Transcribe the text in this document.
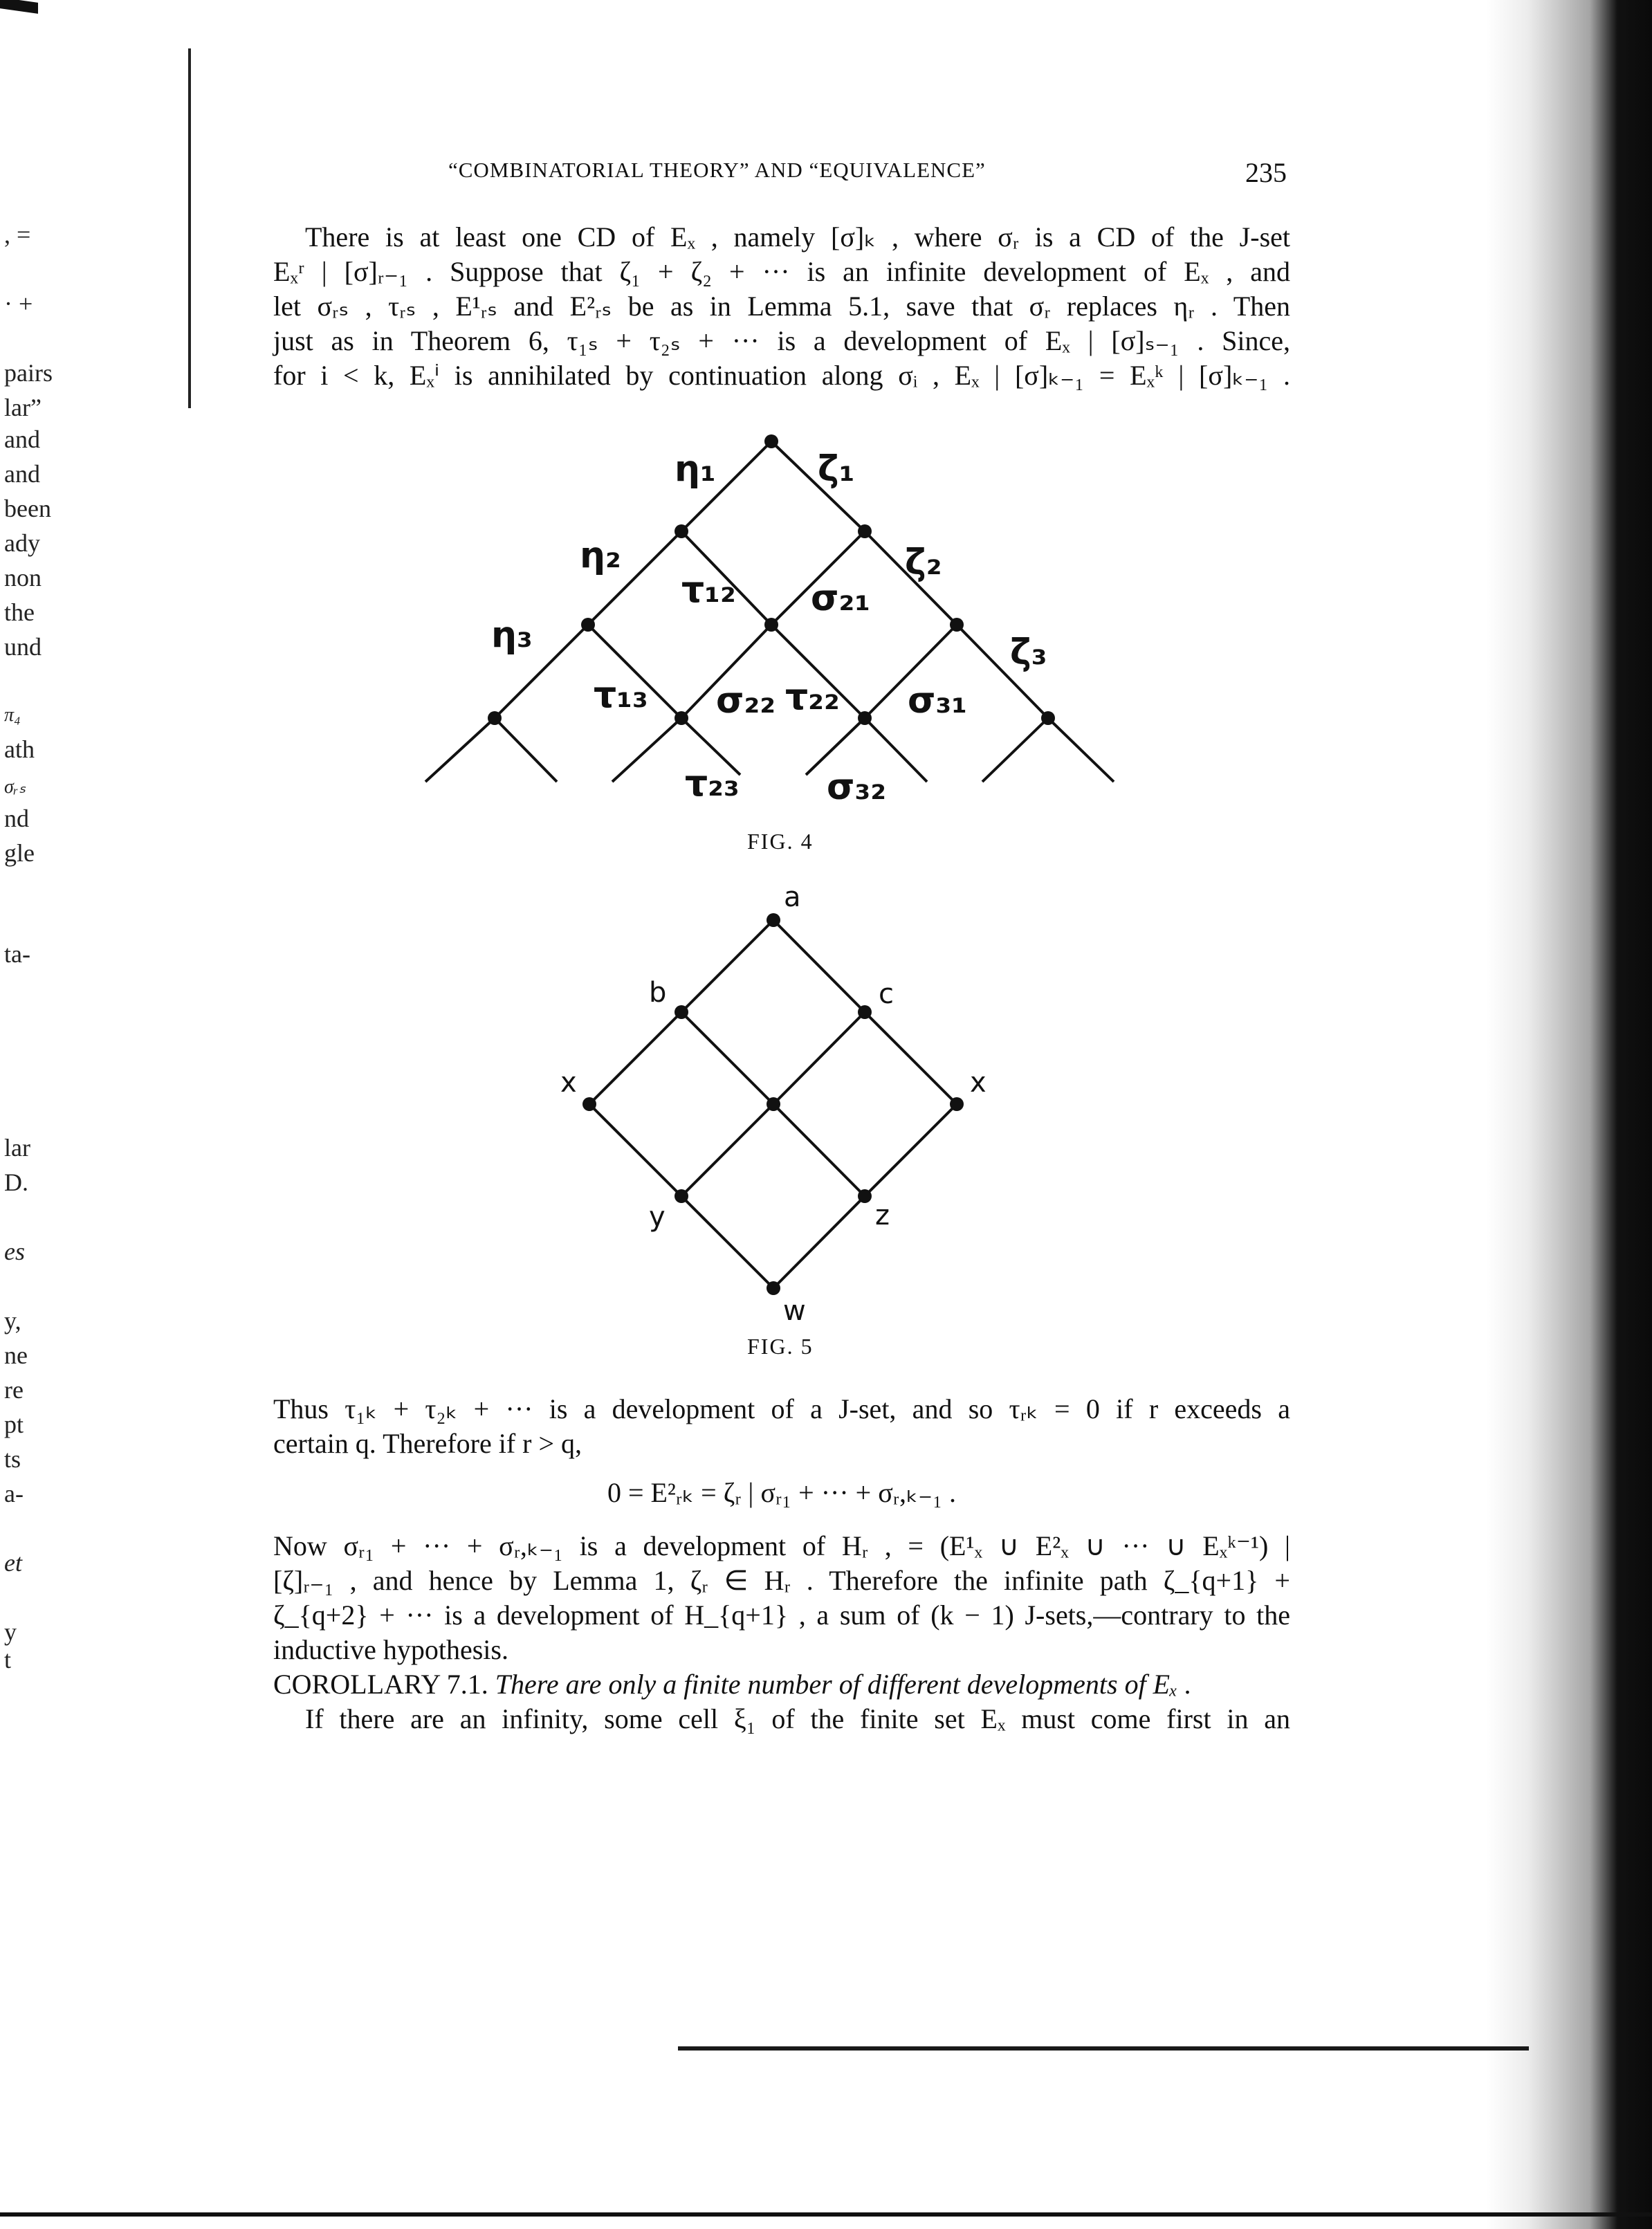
, =
· +
pairs
lar”
and
and
been
ady
non
the
und
π₄
ath
σᵣₛ
nd
gle
ta-
lar
D.
es
y,
ne
re
pt
ts
a-
et
y
t
“COMBINATORIAL THEORY” AND “EQUIVALENCE”	235
There is at least one CD of Eₓ , namely [σ]ₖ , where σᵣ is a CD of the J-set
Eₓʳ | [σ]ᵣ₋₁ . Suppose that ζ₁ + ζ₂ + ··· is an infinite development of Eₓ , and
let σᵣₛ , τᵣₛ , E¹ᵣₛ and E²ᵣₛ be as in Lemma 5.1, save that σᵣ replaces ηᵣ . Then
just as in Theorem 6, τ₁ₛ + τ₂ₛ + ··· is a development of Eₓ | [σ]ₛ₋₁ . Since,
for i < k, Eₓⁱ is annihilated by continuation along σᵢ , Eₓ | [σ]ₖ₋₁ = Eₓᵏ | [σ]ₖ₋₁ .
η₁	ζ₁
η₂	ζ₂
η₃	ζ₃
τ₁₂ σ₂₁
τ₁₃ σ₂₂ τ₂₂ σ₃₁
τ₂₃ σ₃₂
FIG. 4
a
b	c
x	x
y	z
w
FIG. 5
Thus τ₁ₖ + τ₂ₖ + ··· is a development of a J-set, and so τᵣₖ = 0 if r exceeds a
certain q. Therefore if r > q,
0 = E²ᵣₖ = ζᵣ | σᵣ₁ + ··· + σᵣ,ₖ₋₁ .
Now σᵣ₁ + ··· + σᵣ,ₖ₋₁ is a development of Hᵣ , = (E¹ₓ ∪ E²ₓ ∪ ··· ∪ Eₓᵏ⁻¹) |
[ζ]ᵣ₋₁ , and hence by Lemma 1, ζᵣ ∈ Hᵣ . Therefore the infinite path ζ_{q+1} +
ζ_{q+2} + ··· is a development of H_{q+1} , a sum of (k − 1) J-sets,—contrary to the
inductive hypothesis.
COROLLARY 7.1. There are only a finite number of different developments of Eₓ .
If there are an infinity, some cell ξ₁ of the finite set Eₓ must come first in an
